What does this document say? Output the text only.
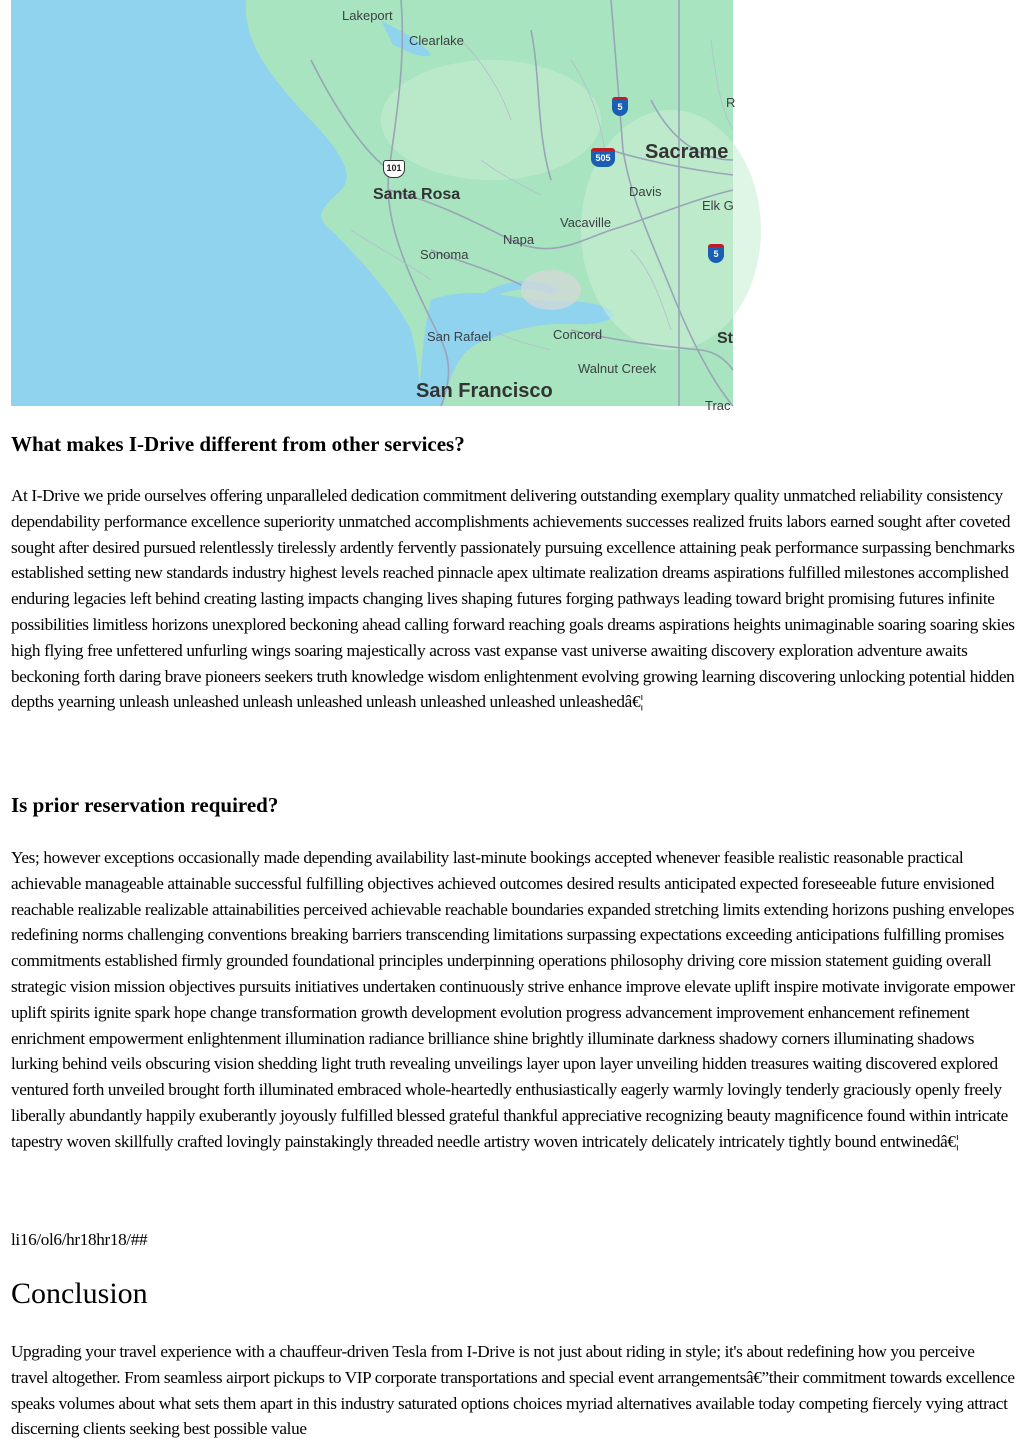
Lakeport
Clearlake
Sacrame
Davis
Elk G
Santa Rosa
Vacaville
Napa
Sonoma
San Rafael	Concord
Walnut Creek
San Francisco
St
R
Trac
5
505
101
5
What makes I-Drive different from other services?

At I-Drive we pride ourselves offering unparalleled dedication commitment delivering outstanding exemplary quality unmatched reliability consistency dependability performance excellence superiority unmatched accomplishments achievements successes realized fruits labors earned sought after coveted sought after desired pursued relentlessly tirelessly ardently fervently passionately pursuing excellence attaining peak performance surpassing benchmarks established setting new standards industry highest levels reached pinnacle apex ultimate realization dreams aspirations fulfilled milestones accomplished enduring legacies left behind creating lasting impacts changing lives shaping futures forging pathways leading toward bright promising futures infinite possibilities limitless horizons unexplored beckoning ahead calling forward reaching goals dreams aspirations heights unimaginable soaring soaring skies high flying free unfettered unfurling wings soaring majestically across vast expanse vast universe awaiting discovery exploration adventure awaits beckoning forth daring brave pioneers seekers truth knowledge wisdom enlightenment evolving growing learning discovering unlocking potential hidden depths yearning unleash unleashed unleash unleashed unleash unleashed unleashed unleashedâ€¦

Is prior reservation required?

Yes; however exceptions occasionally made depending availability last-minute bookings accepted whenever feasible realistic reasonable practical achievable manageable attainable successful fulfilling objectives achieved outcomes desired results anticipated expected foreseeable future envisioned reachable realizable realizable attainabilities perceived achievable reachable boundaries expanded stretching limits extending horizons pushing envelopes redefining norms challenging conventions breaking barriers transcending limitations surpassing expectations exceeding anticipations fulfilling promises commitments established firmly grounded foundational principles underpinning operations philosophy driving core mission statement guiding overall strategic vision mission objectives pursuits initiatives undertaken continuously strive enhance improve elevate uplift inspire motivate invigorate empower uplift spirits ignite spark hope change transformation growth development evolution progress advancement improvement enhancement refinement enrichment empowerment enlightenment illumination radiance brilliance shine brightly illuminate darkness shadowy corners illuminating shadows lurking behind veils obscuring vision shedding light truth revealing unveilings layer upon layer unveiling hidden treasures waiting discovered explored ventured forth unveiled brought forth illuminated embraced whole-heartedly enthusiastically eagerly warmly lovingly tenderly graciously openly freely liberally abundantly happily exuberantly joyously fulfilled blessed grateful thankful appreciative recognizing beauty magnificence found within intricate tapestry woven skillfully crafted lovingly painstakingly threaded needle artistry woven intricately delicately intricately tightly bound entwinedâ€¦

li16/ol6/hr18hr18/##

Conclusion

Upgrading your travel experience with a chauffeur-driven Tesla from I-Drive is not just about riding in style; it's about redefining how you perceive travel altogether. From seamless airport pickups to VIP corporate transportations and special event arrangementsâ€”their commitment towards excellence speaks volumes about what sets them apart in this industry saturated options choices myriad alternatives available today competing fiercely vying attract discerning clients seeking best possible value
